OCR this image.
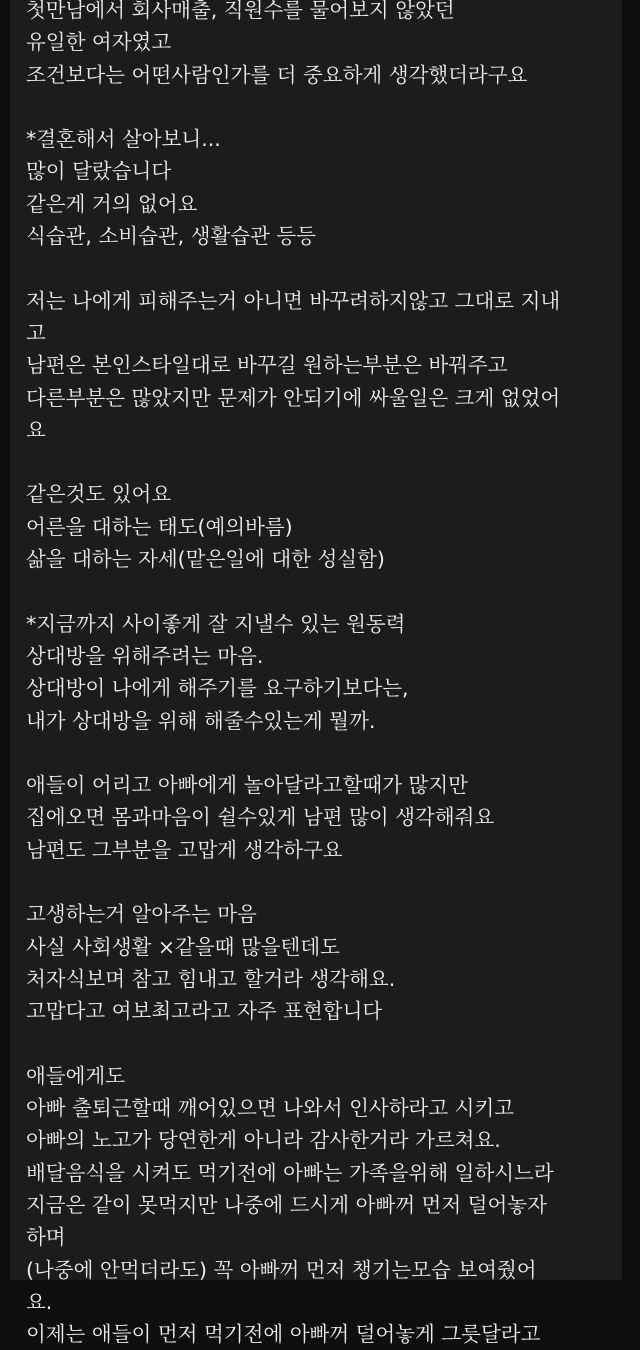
첫만남에서 회사매출, 직원수를 물어보지 않았던
유일한 여자였고
조건보다는 어떤사람인가를 더 중요하게 생각했더라구요
*결혼해서 살아보니...
많이 달랐습니다
같은게 거의 없어요
식습관, 소비습관, 생활습관 등등
저는 나에게 피해주는거 아니면 바꾸려하지않고 그대로 지내
고
남편은 본인스타일대로 바꾸길 원하는부분은 바꿔주고
다른부분은 많았지만 문제가 안되기에 싸울일은 크게 없었어
요
같은것도 있어요
어른을 대하는 태도(예의바름)
삶을 대하는 자세(맡은일에 대한 성실함)
*지금까지 사이좋게 잘 지낼수 있는 원동력
상대방을 위해주려는 마음.
상대방이 나에게 해주기를 요구하기보다는,
내가 상대방을 위해 해줄수있는게 뭘까.
애들이 어리고 아빠에게 놀아달라고할때가 많지만
집에오면 몸과마음이 쉴수있게 남편 많이 생각해줘요
남편도 그부분을 고맙게 생각하구요
고생하는거 알아주는 마음
사실 사회생활 ×같을때 많을텐데도
처자식보며 참고 힘내고 할거라 생각해요.
고맙다고 여보최고라고 자주 표현합니다
애들에게도
아빠 출퇴근할때 깨어있으면 나와서 인사하라고 시키고
아빠의 노고가 당연한게 아니라 감사한거라 가르쳐요.
배달음식을 시켜도 먹기전에 아빠는 가족을위해 일하시느라
지금은 같이 못먹지만 나중에 드시게 아빠꺼 먼저 덜어놓자
하며
(나중에 안먹더라도) 꼭 아빠꺼 먼저 챙기는모습 보여줬어
요.
이제는 애들이 먼저 먹기전에 아빠꺼 덜어놓게 그릇달라고
